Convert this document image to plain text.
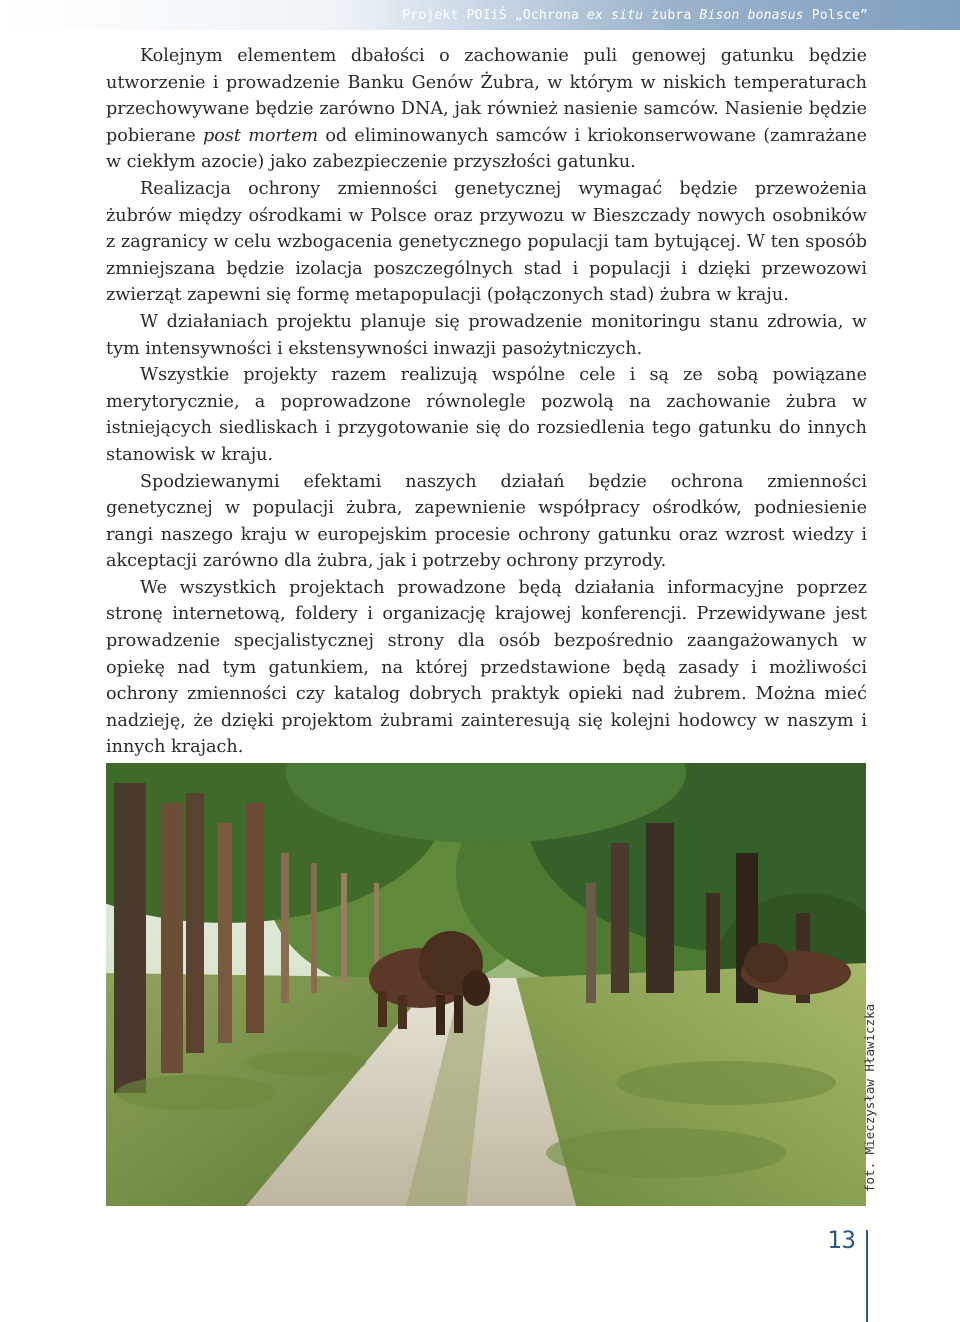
Projekt POIiŚ „Ochrona ex situ żubra Bison bonasus Polsce”

Kolejnym elementem dbałości o zachowanie puli genowej gatunku będzie utworzenie i prowadzenie Banku Genów Żubra, w którym w niskich temperaturach przechowywane będzie zarówno DNA, jak również nasienie samców. Nasienie będzie pobierane post mortem od eliminowanych samców i kriokonserwowane (zamrażane w ciekłym azocie) jako zabezpieczenie przyszłości gatunku.

Realizacja ochrony zmienności genetycznej wymagać będzie przewożenia żubrów między ośrodkami w Polsce oraz przywozu w Bieszczady nowych osobników z zagranicy w celu wzbogacenia genetycznego populacji tam bytującej. W ten sposób zmniejszana będzie izolacja poszczególnych stad i populacji i dzięki przewozowi zwierząt zapewni się formę metapopulacji (połączonych stad) żubra w kraju.

W działaniach projektu planuje się prowadzenie monitoringu stanu zdrowia, w tym intensywności i ekstensywności inwazji pasożytniczych.

Wszystkie projekty razem realizują wspólne cele i są ze sobą powiązane merytorycznie, a poprowadzone równolegle pozwolą na zachowanie żubra w istniejących siedliskach i przygotowanie się do rozsiedlenia tego gatunku do innych stanowisk w kraju.

Spodziewanymi efektami naszych działań będzie ochrona zmienności genetycznej w populacji żubra, zapewnienie współpracy ośrodków, podniesienie rangi naszego kraju w europejskim procesie ochrony gatunku oraz wzrost wiedzy i akceptacji zarówno dla żubra, jak i potrzeby ochrony przyrody.

We wszystkich projektach prowadzone będą działania informacyjne poprzez stronę internetową, foldery i organizację krajowej konferencji. Przewidywane jest prowadzenie specjalistycznej strony dla osób bezpośrednio zaangażowanych w opiekę nad tym gatunkiem, na której przedstawione będą zasady i możliwości ochrony zmienności czy katalog dobrych praktyk opieki nad żubrem. Można mieć nadzieję, że dzięki projektom żubrami zainteresują się kolejni hodowcy w naszym i innych krajach.

fot. Mieczysław Hławiczka
13
